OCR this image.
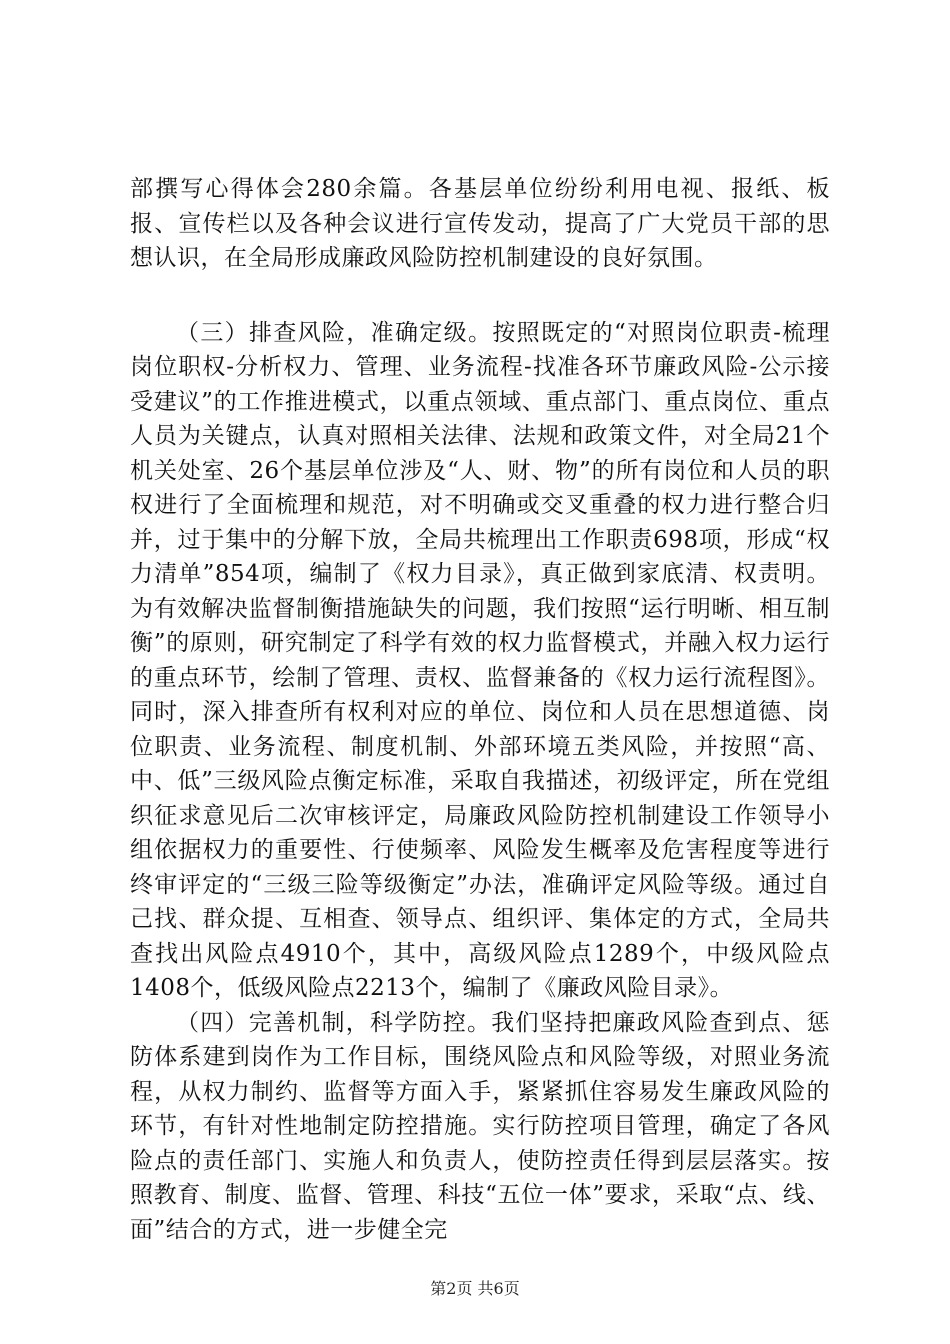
部撰写心得体会280余篇。各基层单位纷纷利用电视、报纸、板报、宣传栏以及各种会议进行宣传发动，提高了广大党员干部的思想认识，在全局形成廉政风险防控机制建设的良好氛围。

（三）排查风险，准确定级。按照既定的“对照岗位职责-梳理岗位职权-分析权力、管理、业务流程-找准各环节廉政风险-公示接受建议”的工作推进模式，以重点领域、重点部门、重点岗位、重点人员为关键点，认真对照相关法律、法规和政策文件，对全局21个机关处室、26个基层单位涉及“人、财、物”的所有岗位和人员的职权进行了全面梳理和规范，对不明确或交叉重叠的权力进行整合归并，过于集中的分解下放，全局共梳理出工作职责698项，形成“权力清单”854项，编制了《权力目录》，真正做到家底清、权责明。为有效解决监督制衡措施缺失的问题，我们按照“运行明晰、相互制衡”的原则，研究制定了科学有效的权力监督模式，并融入权力运行的重点环节，绘制了管理、责权、监督兼备的《权力运行流程图》。同时，深入排查所有权利对应的单位、岗位和人员在思想道德、岗位职责、业务流程、制度机制、外部环境五类风险，并按照“高、中、低”三级风险点衡定标准，采取自我描述，初级评定，所在党组织征求意见后二次审核评定，局廉政风险防控机制建设工作领导小组依据权力的重要性、行使频率、风险发生概率及危害程度等进行终审评定的“三级三险等级衡定”办法，准确评定风险等级。通过自己找、群众提、互相查、领导点、组织评、集体定的方式，全局共查找出风险点4910个，其中，高级风险点1289个，中级风险点1408个，低级风险点2213个，编制了《廉政风险目录》。

（四）完善机制，科学防控。我们坚持把廉政风险查到点、惩防体系建到岗作为工作目标，围绕风险点和风险等级，对照业务流程，从权力制约、监督等方面入手，紧紧抓住容易发生廉政风险的环节，有针对性地制定防控措施。实行防控项目管理，确定了各风险点的责任部门、实施人和负责人，使防控责任得到层层落实。按照教育、制度、监督、管理、科技“五位一体”要求，采取“点、线、面”结合的方式，进一步健全完

第2页 共6页
